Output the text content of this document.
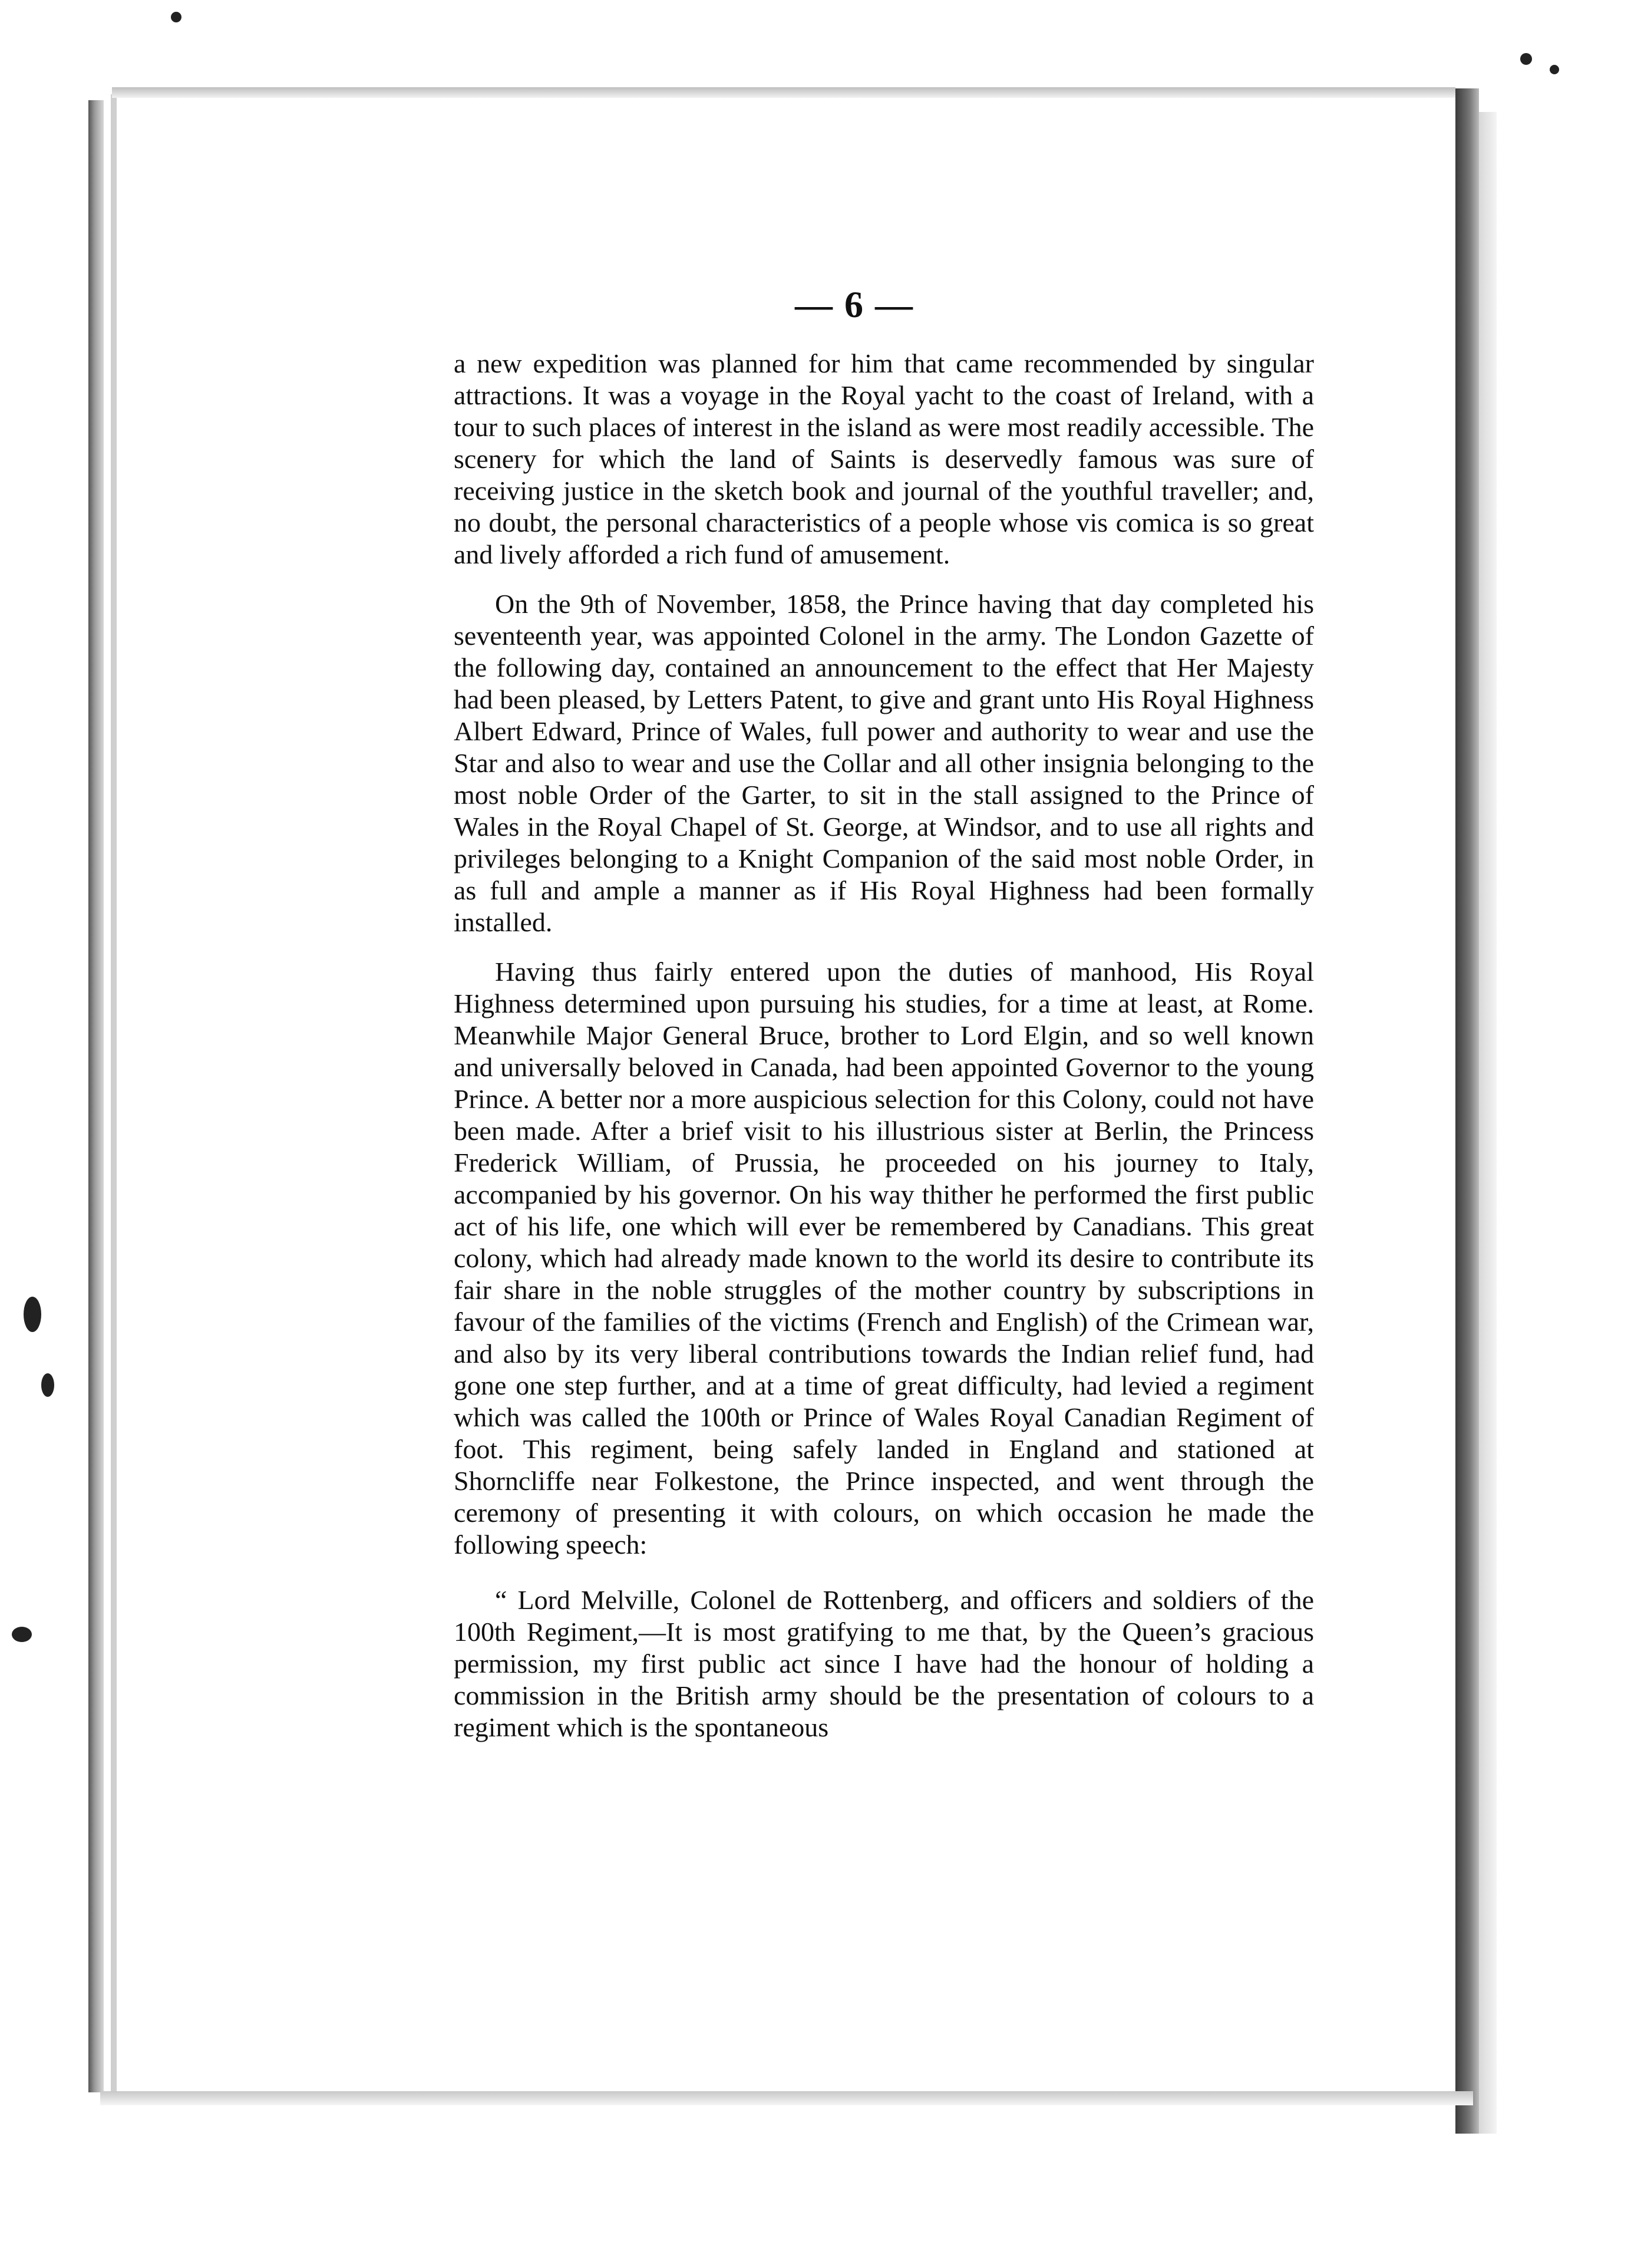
— 6 —

a new expedition was planned for him that came recommended by singular attractions. It was a voyage in the Royal yacht to the coast of Ireland, with a tour to such places of interest in the island as were most readily accessible. The scenery for which the land of Saints is deservedly famous was sure of receiving justice in the sketch book and journal of the youthful traveller; and, no doubt, the personal characteristics of a people whose vis comica is so great and lively afforded a rich fund of amusement.

On the 9th of November, 1858, the Prince having that day completed his seventeenth year, was appointed Colonel in the army. The London Gazette of the following day, contained an announcement to the effect that Her Majesty had been pleased, by Letters Patent, to give and grant unto His Royal Highness Albert Edward, Prince of Wales, full power and authority to wear and use the Star and also to wear and use the Collar and all other insignia belonging to the most noble Order of the Garter, to sit in the stall assigned to the Prince of Wales in the Royal Chapel of St. George, at Windsor, and to use all rights and privileges belonging to a Knight Companion of the said most noble Order, in as full and ample a manner as if His Royal Highness had been formally installed.

Having thus fairly entered upon the duties of manhood, His Royal Highness determined upon pursuing his studies, for a time at least, at Rome. Meanwhile Major General Bruce, brother to Lord Elgin, and so well known and universally beloved in Canada, had been appointed Governor to the young Prince. A better nor a more auspicious selection for this Colony, could not have been made. After a brief visit to his illustrious sister at Berlin, the Princess Frederick William, of Prussia, he proceeded on his journey to Italy, accompanied by his governor. On his way thither he performed the first public act of his life, one which will ever be remembered by Canadians. This great colony, which had already made known to the world its desire to contribute its fair share in the noble struggles of the mother country by subscriptions in favour of the families of the victims (French and English) of the Crimean war, and also by its very liberal contributions towards the Indian relief fund, had gone one step further, and at a time of great difficulty, had levied a regiment which was called the 100th or Prince of Wales Royal Canadian Regiment of foot. This regiment, being safely landed in England and stationed at Shorncliffe near Folkestone, the Prince inspected, and went through the ceremony of presenting it with colours, on which occasion he made the following speech:

“ Lord Melville, Colonel de Rottenberg, and officers and soldiers of the 100th Regiment,—It is most gratifying to me that, by the Queen’s gracious permission, my first public act since I have had the honour of holding a commission in the British army should be the presentation of colours to a regiment which is the spontaneous
